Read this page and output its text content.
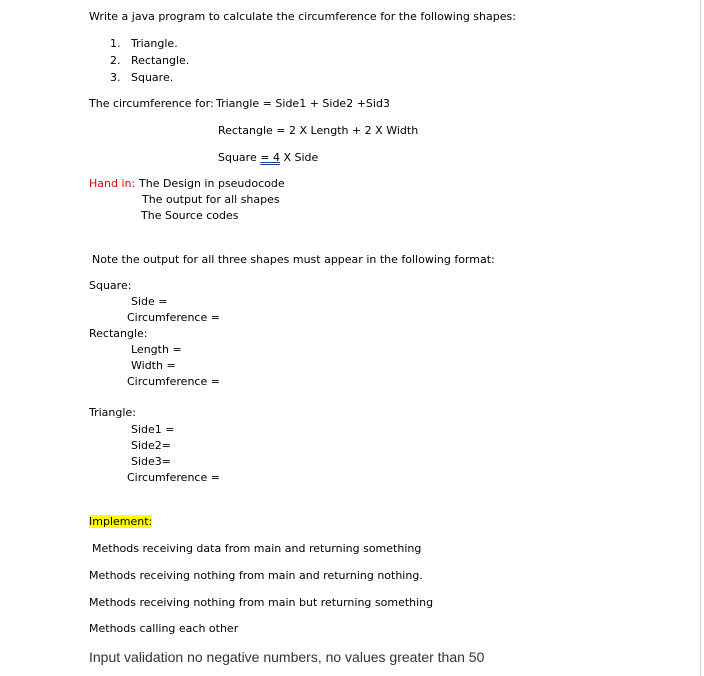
Write a java program to calculate the circumference for the following shapes:
1. Triangle.
2. Rectangle.
3. Square.
The circumference for: Triangle = Side1 + Side2 +Sid3
Rectangle = 2 X Length + 2 X Width
Square = 4 X Side
Hand in: The Design in pseudocode
The output for all shapes
The Source codes
Note the output for all three shapes must appear in the following format:
Square:
Side =
Circumference =
Rectangle:
Length =
Width =
Circumference =
Triangle:
Side1 =
Side2=
Side3=
Circumference =
Implement:
Methods receiving data from main and returning something
Methods receiving nothing from main and returning nothing.
Methods receiving nothing from main but returning something
Methods calling each other
Input validation no negative numbers, no values greater than 50
